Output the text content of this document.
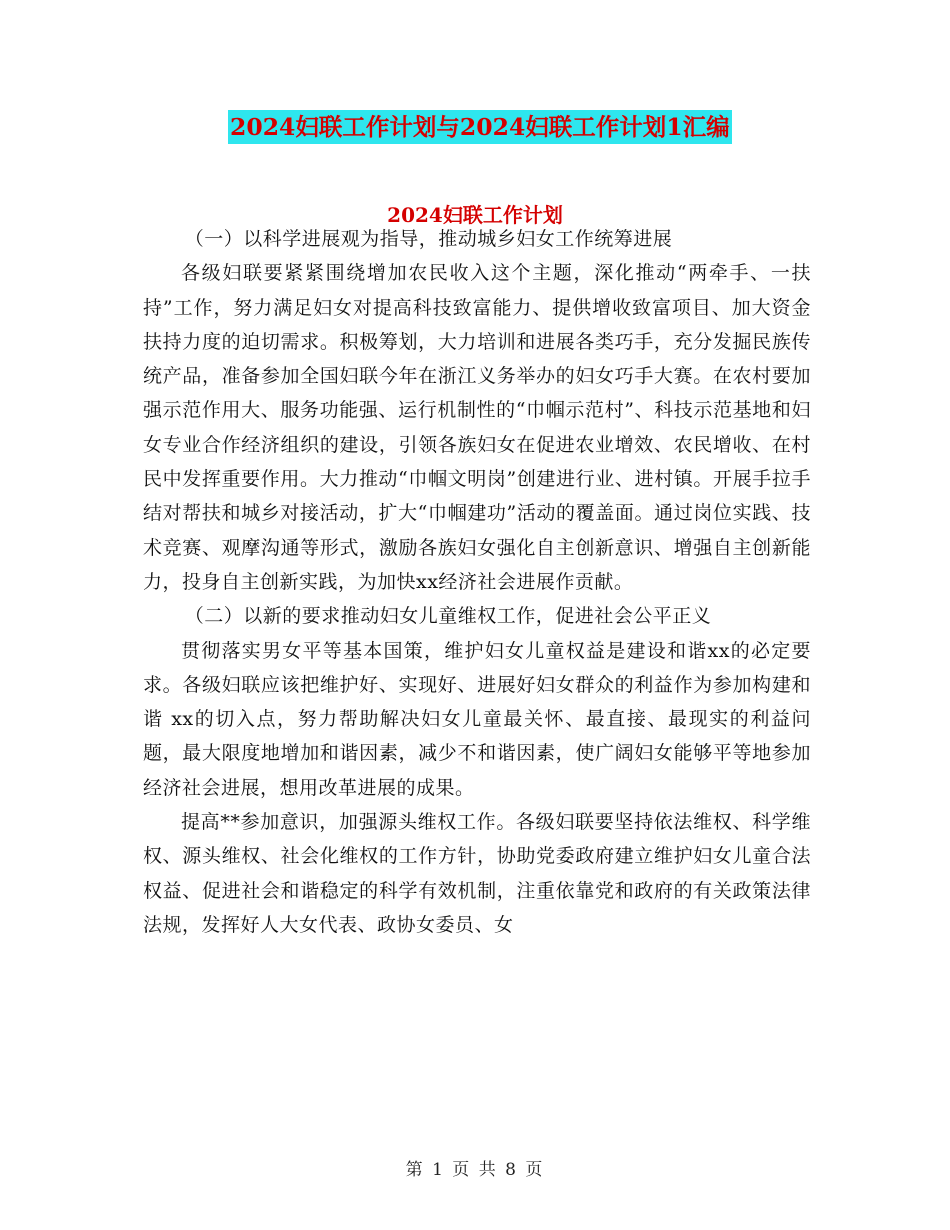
2024妇联工作计划与2024妇联工作计划1汇编
2024妇联工作计划

（一）以科学进展观为指导，推动城乡妇女工作统筹进展

各级妇联要紧紧围绕增加农民收入这个主题，深化推动“两牵手、一扶持”工作，努力满足妇女对提高科技致富能力、提供增收致富项目、加大资金扶持力度的迫切需求。积极筹划，大力培训和进展各类巧手，充分发掘民族传统产品，准备参加全国妇联今年在浙江义务举办的妇女巧手大赛。在农村要加强示范作用大、服务功能强、运行机制性的“巾帼示范村”、科技示范基地和妇女专业合作经济组织的建设，引领各族妇女在促进农业增效、农民增收、在村民中发挥重要作用。大力推动“巾帼文明岗”创建进行业、进村镇。开展手拉手结对帮扶和城乡对接活动，扩大“巾帼建功”活动的覆盖面。通过岗位实践、技术竞赛、观摩沟通等形式，激励各族妇女强化自主创新意识、增强自主创新能力，投身自主创新实践，为加快xx经济社会进展作贡献。

（二）以新的要求推动妇女儿童维权工作，促进社会公平正义

贯彻落实男女平等基本国策，维护妇女儿童权益是建设和谐xx的必定要求。各级妇联应该把维护好、实现好、进展好妇女群众的利益作为参加构建和谐 xx的切入点，努力帮助解决妇女儿童最关怀、最直接、最现实的利益问题，最大限度地增加和谐因素，减少不和谐因素，使广阔妇女能够平等地参加经济社会进展，想用改革进展的成果。

提高**参加意识，加强源头维权工作。各级妇联要坚持依法维权、科学维权、源头维权、社会化维权的工作方针，协助党委政府建立维护妇女儿童合法权益、促进社会和谐稳定的科学有效机制，注重依靠党和政府的有关政策法律法规，发挥好人大女代表、政协女委员、女

第 1 页 共 8 页
